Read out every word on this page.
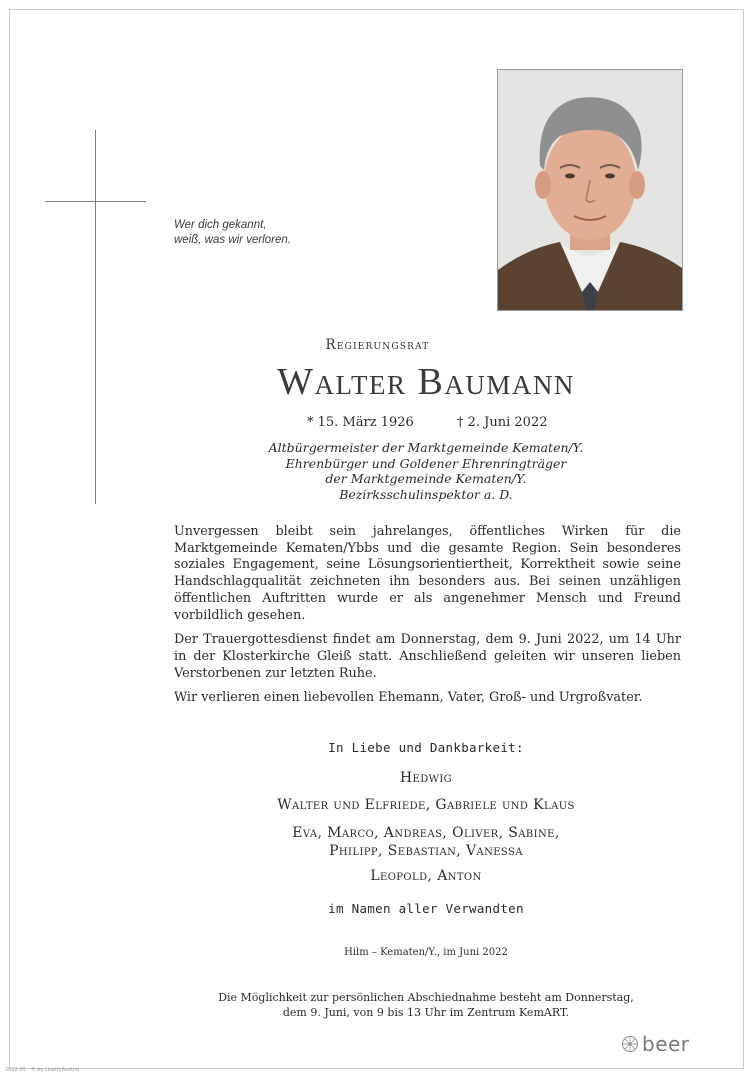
Wer dich gekannt,
weiß, was wir verloren.
Regierungsrat
Walter Baumann
* 15. März 1926	† 2. Juni 2022
Altbürgermeister der Marktgemeinde Kematen/Y.
Ehrenbürger und Goldener Ehrenringträger
der Marktgemeinde Kematen/Y.
Bezirksschulinspektor a. D.

Unvergessen bleibt sein jahrelanges, öffentliches Wirken für die Marktgemeinde Kematen/Ybbs und die gesamte Region. Sein besonderes soziales Engagement, seine Lösungsorientiertheit, Korrektheit sowie seine Handschlagqualität zeichneten ihn besonders aus. Bei seinen unzähligen öffentlichen Auftritten wurde er als angenehmer Mensch und Freund vorbildlich gesehen.

Der Trauergottesdienst findet am Donnerstag, dem 9. Juni 2022, um 14 Uhr in der Klosterkirche Gleiß statt. Anschließend geleiten wir unseren lieben Verstorbenen zur letzten Ruhe.

Wir verlieren einen liebevollen Ehemann, Vater, Groß- und Urgroßvater.

In Liebe und Dankbarkeit:
Hedwig
Walter und Elfriede, Gabriele und Klaus
Eva, Marco, Andreas, Oliver, Sabine,
Philipp, Sebastian, Vanessa
Leopold, Anton
im Namen aller Verwandten
Hilm – Kematen/Y., im Juni 2022
Die Möglichkeit zur persönlichen Abschiednahme besteht am Donnerstag,
dem 9. Juni, von 9 bis 13 Uhr im Zentrum KemART.
beer
2022-05 · © by Lewth/Austria
